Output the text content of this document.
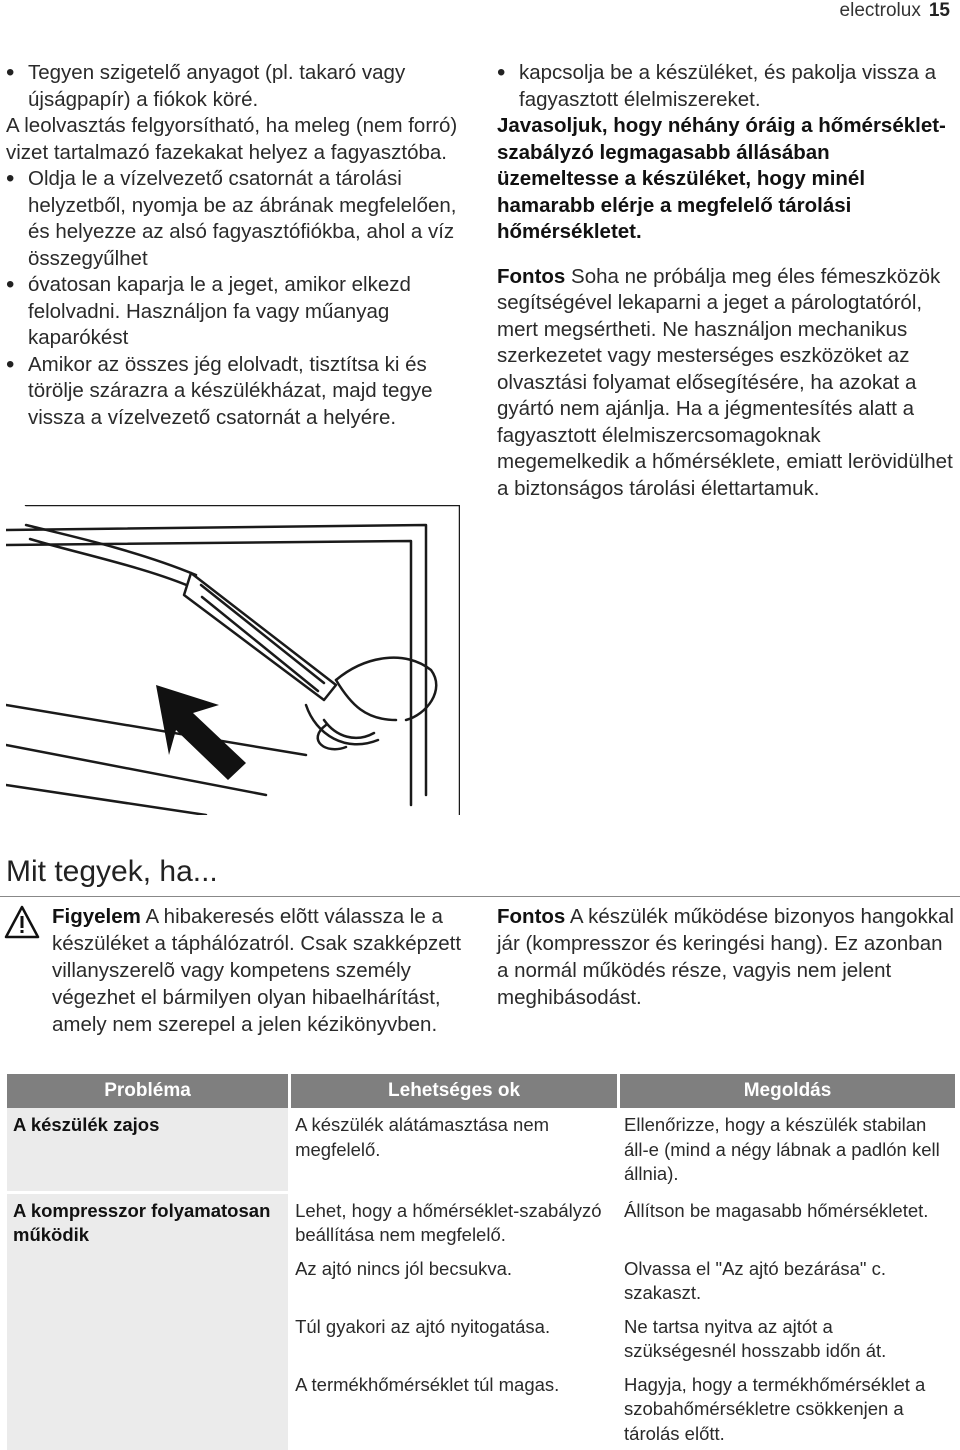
electrolux 15

• Tegyen szigetelő anyagot (pl. takaró vagy újságpapír) a fiókok köré.

A leolvasztás felgyorsítható, ha meleg (nem forró) vizet tartalmazó fazekakat helyez a fagyasztóba.

• Oldja le a vízelvezető csatornát a tárolási helyzetből, nyomja be az ábrának megfelelően, és helyezze az alsó fagyasztófiókba, ahol a víz összegyűlhet

• óvatosan kaparja le a jeget, amikor elkezd felolvadni. Használjon fa vagy műanyag kaparókést

• Amikor az összes jég elolvadt, tisztítsa ki és törölje szárazra a készülékházat, majd tegye vissza a vízelvezető csatornát a helyére.

• kapcsolja be a készüléket, és pakolja vissza a fagyasztott élelmiszereket.

Javasoljuk, hogy néhány óráig a hőmérséklet-szabályzó legmagasabb állásában üzemeltesse a készüléket, hogy minél hamarabb elérje a megfelelő tárolási hőmérsékletet.

Fontos Soha ne próbálja meg éles fémeszközök segítségével lekaparni a jeget a párologtatóról, mert megsértheti. Ne használjon mechanikus szerkezetet vagy mesterséges eszközöket az olvasztási folyamat elősegítésére, ha azokat a gyártó nem ajánlja. Ha a jégmentesítés alatt a fagyasztott élelmiszercsomagoknak megemelkedik a hőmérséklete, emiatt lerövidülhet a biztonságos tárolási élettartamuk.

Mit tegyek, ha...

Figyelem A hibakeresés elõtt válassza le a készüléket a táphálózatról. Csak szakképzett villanyszerelõ vagy kompetens személy végezhet el bármilyen olyan hibaelhárítást, amely nem szerepel a jelen kézikönyvben.

Fontos A készülék működése bizonyos hangokkal jár (kompresszor és keringési hang). Ez azonban a normál működés része, vagyis nem jelent meghibásodást.

Probléma	Lehetséges ok	Megoldás
A készülék zajos	A készülék alátámasztása nem megfelelő.	Ellenőrizze, hogy a készülék stabilan áll-e (mind a négy lábnak a padlón kell állnia).
A kompresszor folyamatosan működik	Lehet, hogy a hőmérséklet-szabályzó beállítása nem megfelelő.	Állítson be magasabb hőmérsékletet.
	Az ajtó nincs jól becsukva.	Olvassa el "Az ajtó bezárása" c. szakaszt.
	Túl gyakori az ajtó nyitogatása.	Ne tartsa nyitva az ajtót a szükségesnél hosszabb időn át.
	A termékhőmérséklet túl magas.	Hagyja, hogy a termékhőmérséklet a szobahőmérsékletre csökkenjen a tárolás előtt.
